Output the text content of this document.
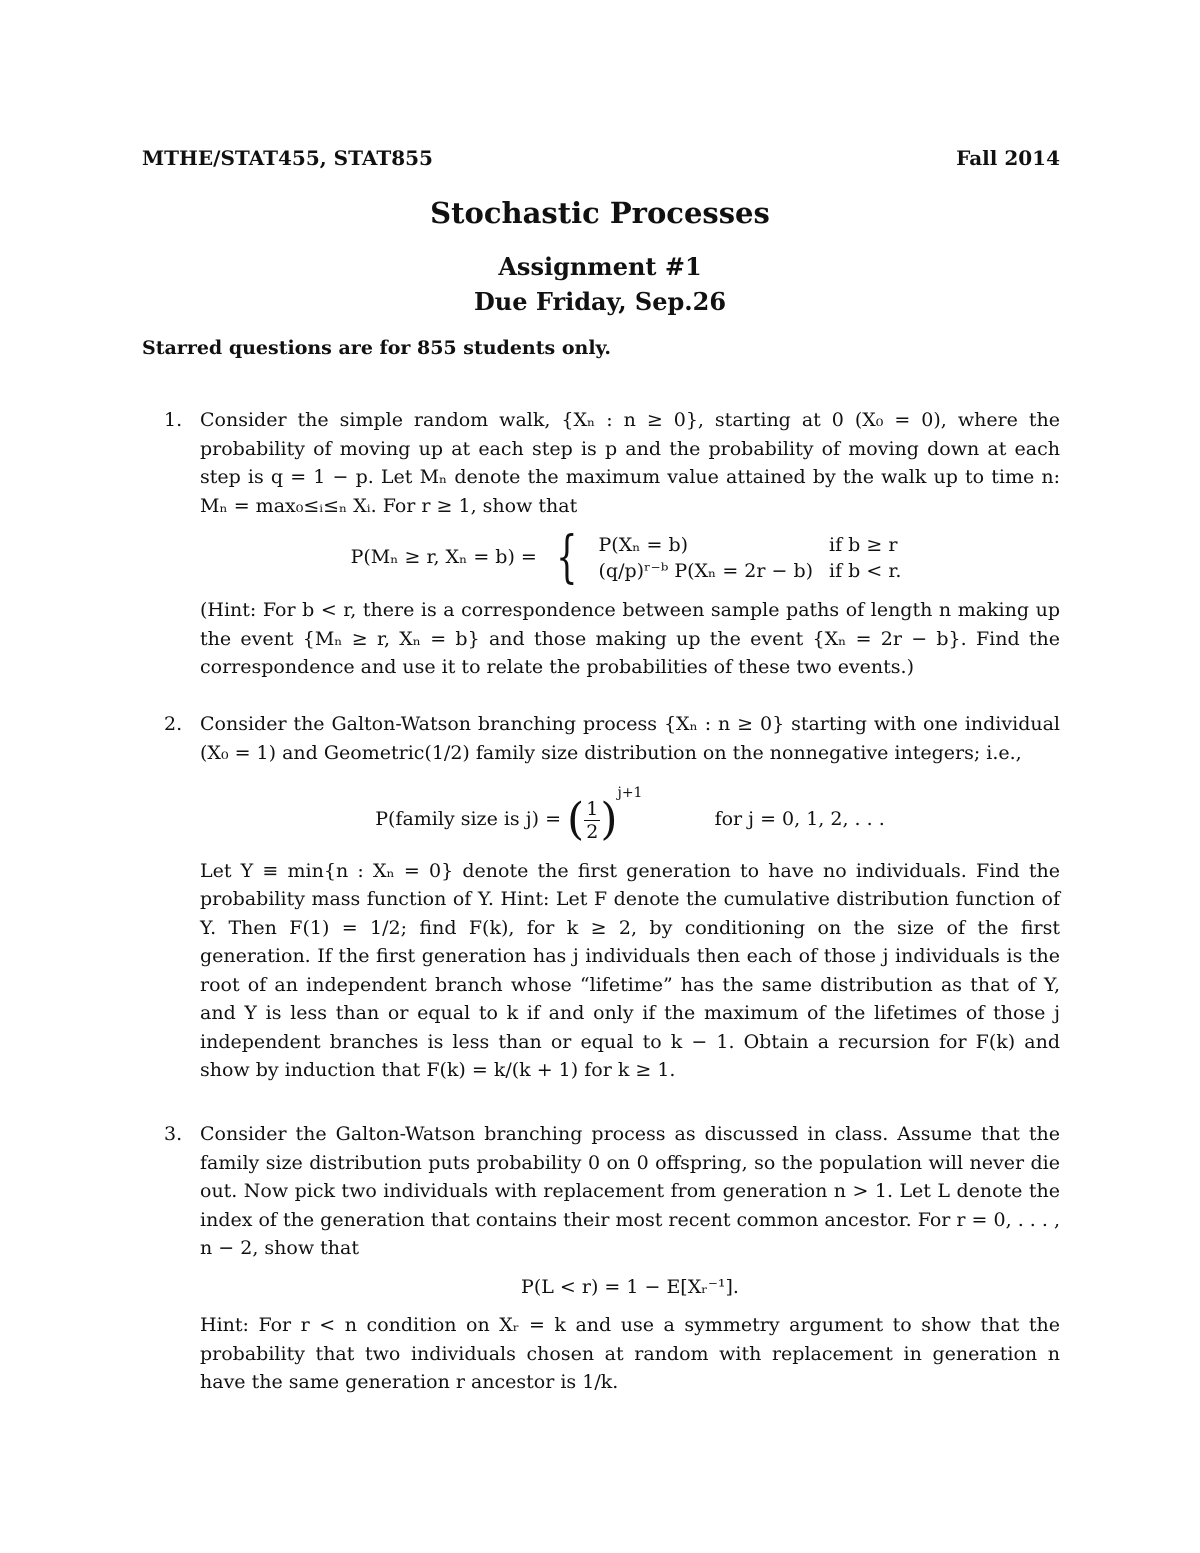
MTHE/STAT455, STAT855	Fall 2014
Stochastic Processes
Assignment #1
Due Friday, Sep.26
Starred questions are for 855 students only.
1. Consider the simple random walk, {Xₙ : n ≥ 0}, starting at 0 (X₀ = 0), where the probability of moving up at each step is p and the probability of moving down at each step is q = 1 − p. Let Mₙ denote the maximum value attained by the walk up to time n: Mₙ = max₀≤ᵢ≤ₙ Xᵢ. For r ≥ 1, show that

P(Mₙ ≥ r, Xₙ = b) = { P(Xₙ = b)	if b ≥ r
(q/p)ʳ⁻ᵇ P(Xₙ = 2r − b)	if b < r.

(Hint: For b < r, there is a correspondence between sample paths of length n making up the event {Mₙ ≥ r, Xₙ = b} and those making up the event {Xₙ = 2r − b}. Find the correspondence and use it to relate the probabilities of these two events.)

2. Consider the Galton-Watson branching process {Xₙ : n ≥ 0} starting with one individual (X₀ = 1) and Geometric(1/2) family size distribution on the nonnegative integers; i.e.,

P(family size is j) = ( $\frac{1}{2} )^{j+1}$  for j = 0, 1, 2, . . .

Let Y ≡ min{n : Xₙ = 0} denote the first generation to have no individuals. Find the probability mass function of Y. Hint: Let F denote the cumulative distribution function of Y. Then F(1) = 1/2; find F(k), for k ≥ 2, by conditioning on the size of the first generation. If the first generation has j individuals then each of those j individuals is the root of an independent branch whose “lifetime” has the same distribution as that of Y, and Y is less than or equal to k if and only if the maximum of the lifetimes of those j independent branches is less than or equal to k − 1. Obtain a recursion for F(k) and show by induction that F(k) = k/(k + 1) for k ≥ 1.

3. Consider the Galton-Watson branching process as discussed in class. Assume that the family size distribution puts probability 0 on 0 offspring, so the population will never die out. Now pick two individuals with replacement from generation n > 1. Let L denote the index of the generation that contains their most recent common ancestor. For r = 0, . . . , n − 2, show that

P(L < r) = 1 − E[Xᵣ⁻¹].

Hint: For r < n condition on Xᵣ = k and use a symmetry argument to show that the probability that two individuals chosen at random with replacement in generation n have the same generation r ancestor is 1/k.
